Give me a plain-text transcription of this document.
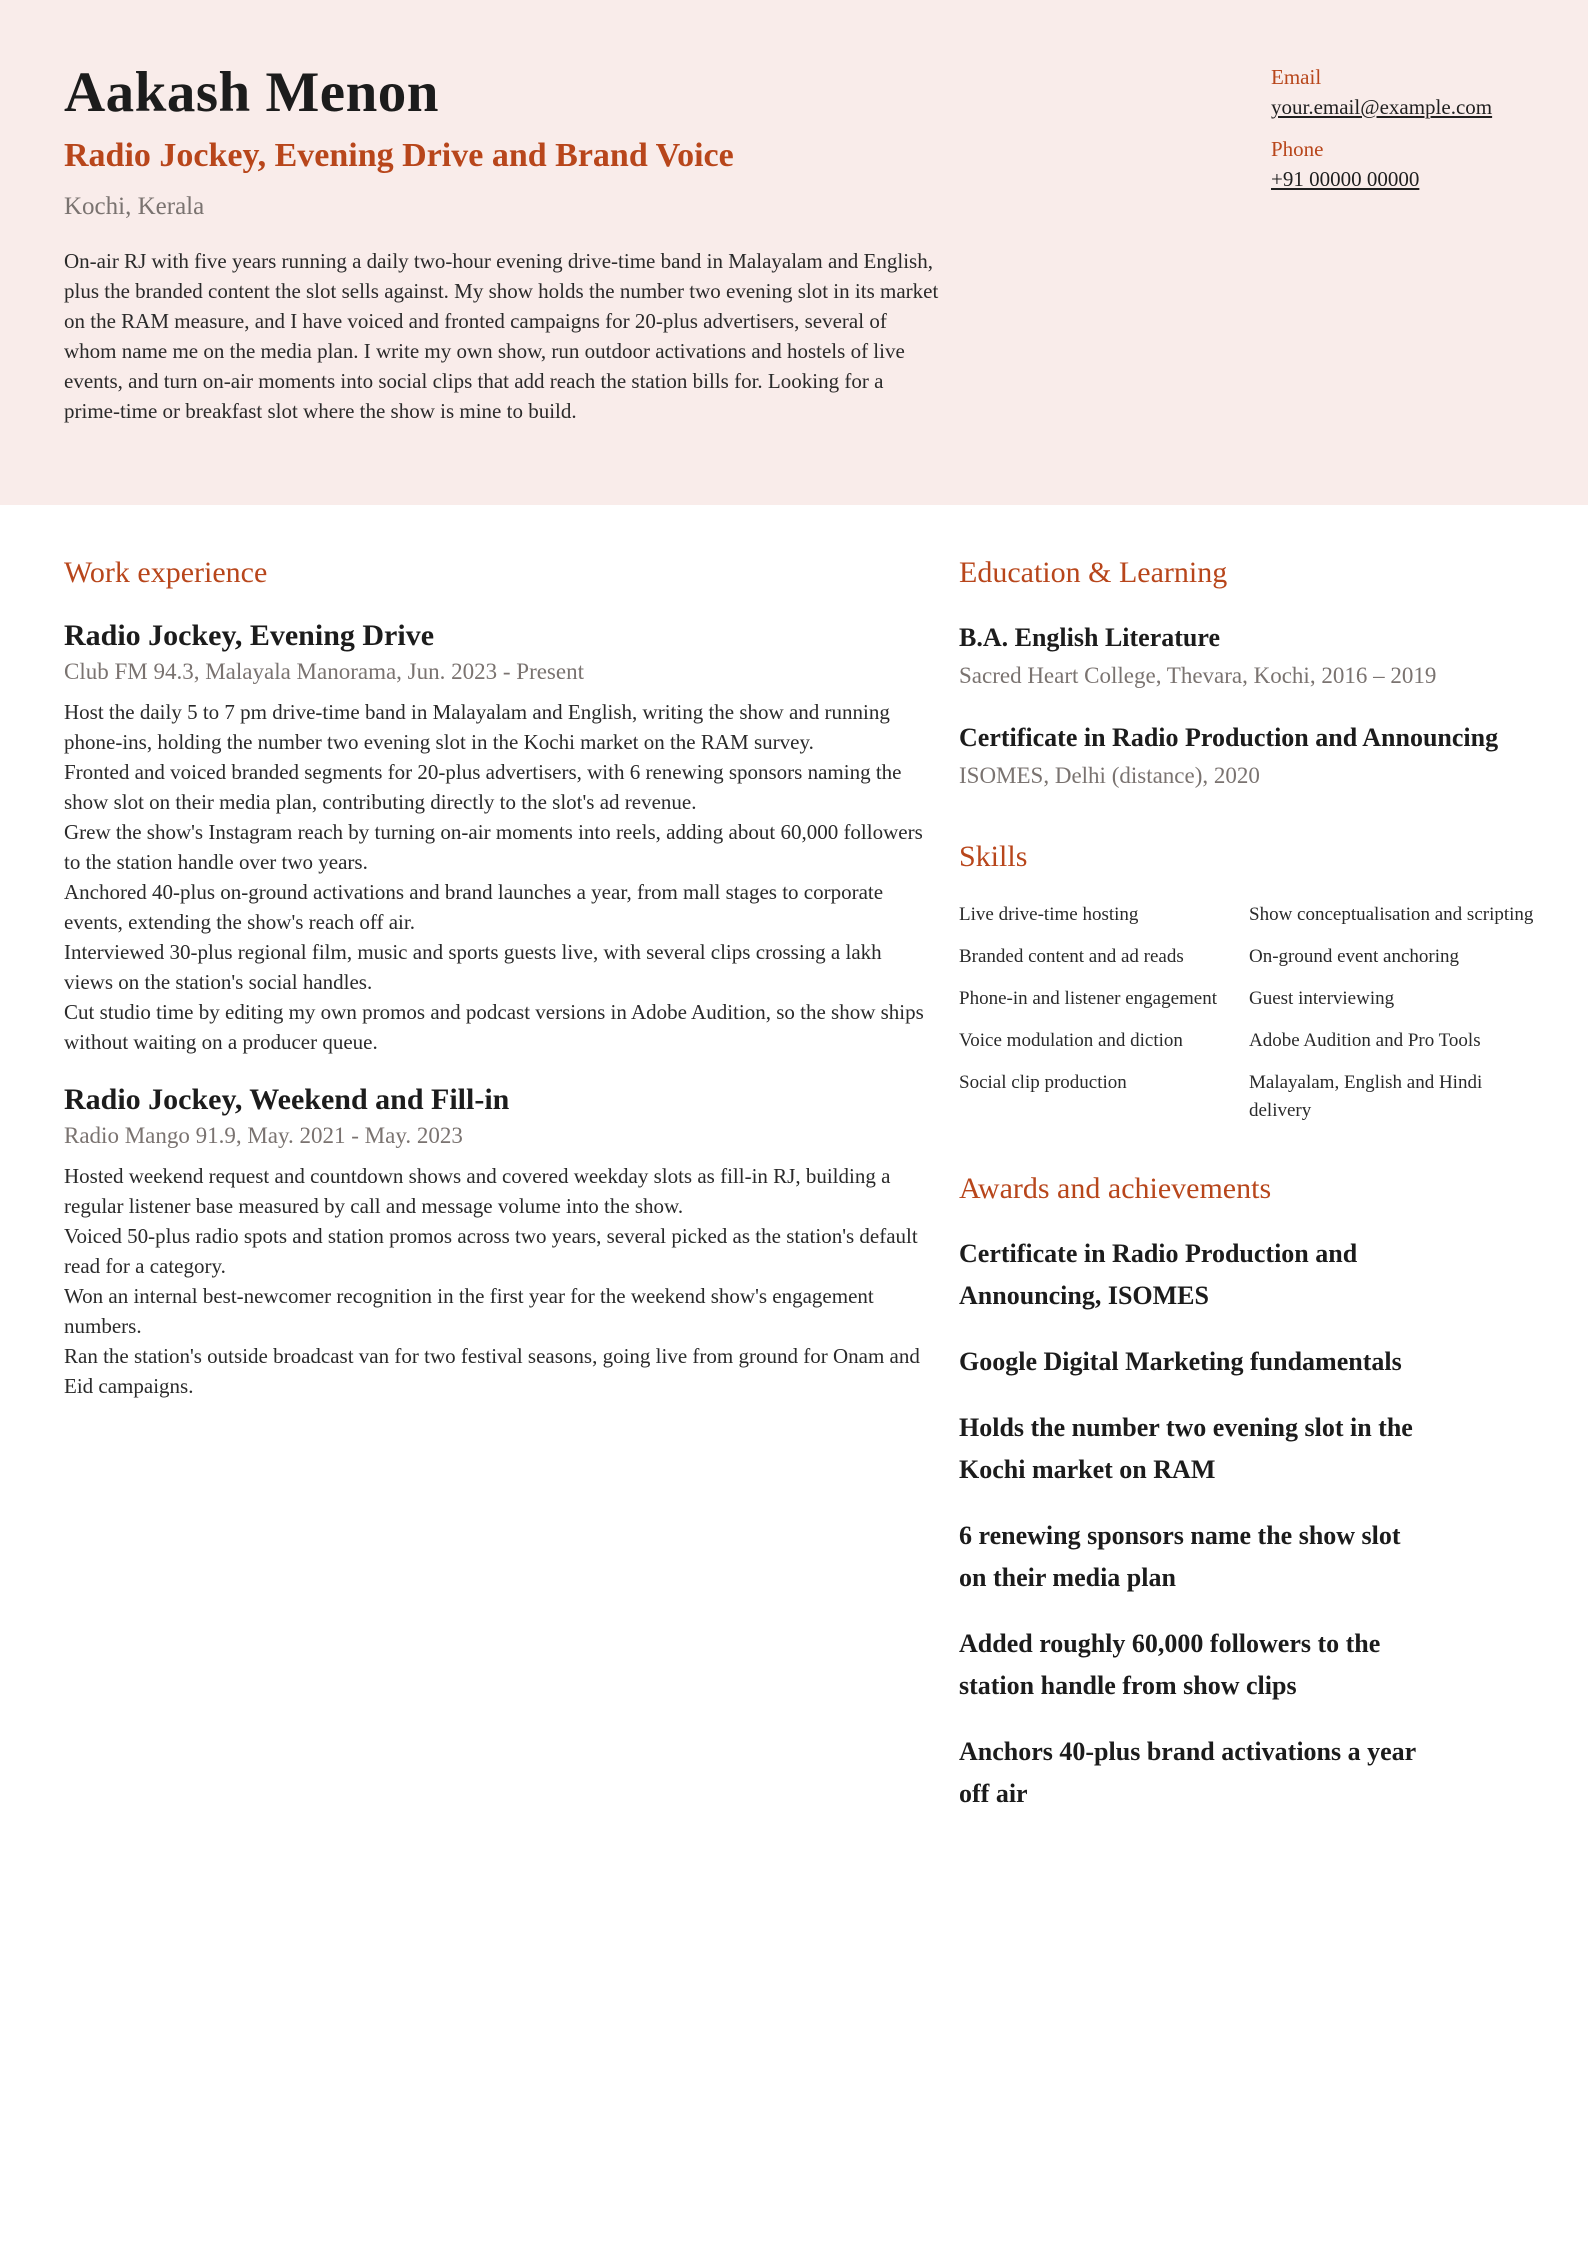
Aakash Menon
Radio Jockey, Evening Drive and Brand Voice

Kochi, Kerala

On-air RJ with five years running a daily two-hour evening drive-time band in Malayalam and English, plus the branded content the slot sells against. My show holds the number two evening slot in its market on the RAM measure, and I have voiced and fronted campaigns for 20-plus advertisers, several of whom name me on the media plan. I write my own show, run outdoor activations and hostels of live events, and turn on-air moments into social clips that add reach the station bills for. Looking for a prime-time or breakfast slot where the show is mine to build.

Email
your.email@example.com
Phone
+91 00000 00000
Work experience

Radio Jockey, Evening Drive

Club FM 94.3, Malayala Manorama, Jun. 2023 - Present

Host the daily 5 to 7 pm drive-time band in Malayalam and English, writing the show and running phone-ins, holding the number two evening slot in the Kochi market on the RAM survey.

Fronted and voiced branded segments for 20-plus advertisers, with 6 renewing sponsors naming the show slot on their media plan, contributing directly to the slot's ad revenue.

Grew the show's Instagram reach by turning on-air moments into reels, adding about 60,000 followers to the station handle over two years.

Anchored 40-plus on-ground activations and brand launches a year, from mall stages to corporate events, extending the show's reach off air.

Interviewed 30-plus regional film, music and sports guests live, with several clips crossing a lakh views on the station's social handles.

Cut studio time by editing my own promos and podcast versions in Adobe Audition, so the show ships without waiting on a producer queue.

Radio Jockey, Weekend and Fill-in

Radio Mango 91.9, May. 2021 - May. 2023

Hosted weekend request and countdown shows and covered weekday slots as fill-in RJ, building a regular listener base measured by call and message volume into the show.

Voiced 50-plus radio spots and station promos across two years, several picked as the station's default read for a category.

Won an internal best-newcomer recognition in the first year for the weekend show's engagement numbers.

Ran the station's outside broadcast van for two festival seasons, going live from ground for Onam and Eid campaigns.

Education & Learning

B.A. English Literature

Sacred Heart College, Thevara, Kochi, 2016 – 2019

Certificate in Radio Production and Announcing

ISOMES, Delhi (distance), 2020

Skills
Live drive-time hosting	Show conceptualisation and scripting
Branded content and ad reads	On-ground event anchoring
Phone-in and listener engagement	Guest interviewing
Voice modulation and diction	Adobe Audition and Pro Tools
Social clip production	Malayalam, English and Hindi delivery
Awards and achievements

Certificate in Radio Production and Announcing, ISOMES

Google Digital Marketing fundamentals

Holds the number two evening slot in the Kochi market on RAM

6 renewing sponsors name the show slot on their media plan

Added roughly 60,000 followers to the station handle from show clips

Anchors 40-plus brand activations a year off air
